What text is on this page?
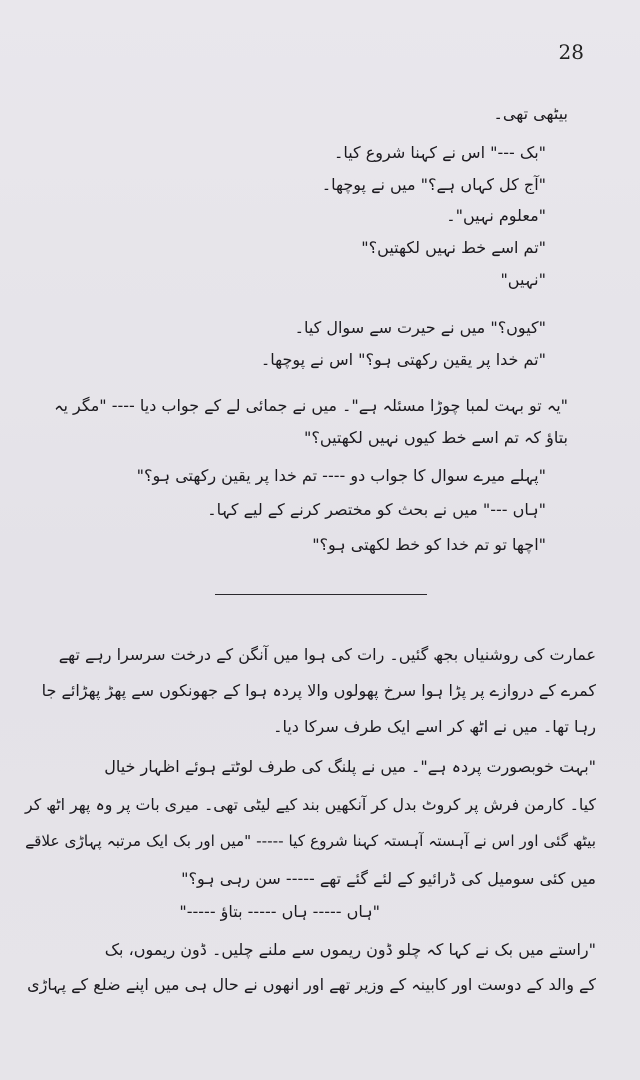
28
بیٹھی تھی۔
"بک ---" اس نے کہنا شروع کیا۔
"آج کل کہاں ہے؟" میں نے پوچھا۔
"معلوم نہیں"۔
"تم اسے خط نہیں لکھتیں؟"
"نہیں"
"کیوں؟" میں نے حیرت سے سوال کیا۔
"تم خدا پر یقین رکھتی ہو؟" اس نے پوچھا۔
"یہ تو بہت لمبا چوڑا مسئلہ ہے"۔ میں نے جمائی لے کے جواب دیا ---- "مگر یہ
بتاؤ کہ تم اسے خط کیوں نہیں لکھتیں؟"
"پہلے میرے سوال کا جواب دو ---- تم خدا پر یقین رکھتی ہو؟"
"ہاں ---" میں نے بحث کو مختصر کرنے کے لیے کہا۔
"اچھا تو تم خدا کو خط لکھتی ہو؟"
عمارت کی روشنیاں بجھ گئیں۔ رات کی ہوا میں آنگن کے درخت سرسرا رہے تھے
کمرے کے دروازے پر پڑا ہوا سرخ پھولوں والا پردہ ہوا کے جھونکوں سے پھڑ پھڑائے جا
رہا تھا۔ میں نے اٹھ کر اسے ایک طرف سرکا دیا۔
"بہت خوبصورت پردہ ہے"۔ میں نے پلنگ کی طرف لوٹتے ہوئے اظہار خیال
کیا۔ کارمن فرش پر کروٹ بدل کر آنکھیں بند کیے لیٹی تھی۔ میری بات پر وہ پھر اٹھ کر
بیٹھ گئی اور اس نے آہستہ آہستہ کہنا شروع کیا ----- "میں اور بک ایک مرتبہ پہاڑی علاقے
میں کئی سومیل کی ڈرائیو کے لئے گئے تھے ----- سن رہی ہو؟"
"ہاں ----- ہاں ----- بتاؤ -----"
"راستے میں بک نے کہا کہ چلو ڈون ریموں سے ملنے چلیں۔ ڈون ریموں، بک
کے والد کے دوست اور کابینہ کے وزیر تھے اور انھوں نے حال ہی میں اپنے ضلع کے پہاڑی
